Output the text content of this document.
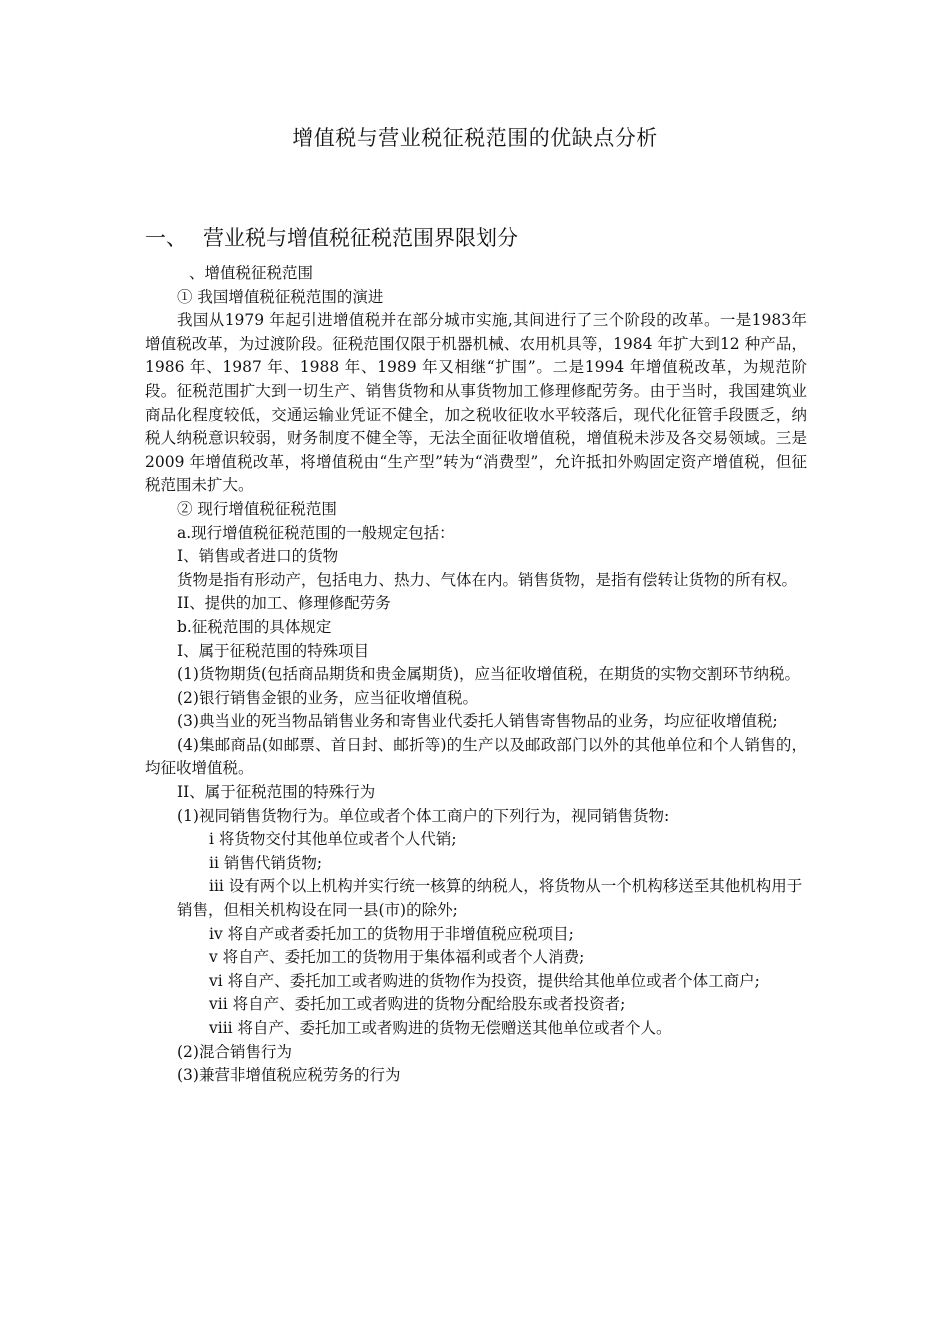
增值税与营业税征税范围的优缺点分析
一、 营业税与增值税征税范围界限划分

、增值税征税范围

① 我国增值税征税范围的演进

我国从1979 年起引进增值税并在部分城市实施,其间进行了三个阶段的改革。一是1983年增值税改革，为过渡阶段。征税范围仅限于机器机械、农用机具等，1984 年扩大到12 种产品，1986 年、1987 年、1988 年、1989 年又相继“扩围”。二是1994 年增值税改革，为规范阶段。征税范围扩大到一切生产、销售货物和从事货物加工修理修配劳务。由于当时，我国建筑业商品化程度较低，交通运输业凭证不健全，加之税收征收水平较落后，现代化征管手段匮乏，纳税人纳税意识较弱，财务制度不健全等，无法全面征收增值税，增值税未涉及各交易领域。三是2009 年增值税改革，将增值税由“生产型”转为“消费型”，允许抵扣外购固定资产增值税，但征税范围未扩大。

② 现行增值税征税范围

a.现行增值税征税范围的一般规定包括：

I、销售或者进口的货物

货物是指有形动产，包括电力、热力、气体在内。销售货物，是指有偿转让货物的所有权。

II、提供的加工、修理修配劳务

b.征税范围的具体规定

I、属于征税范围的特殊项目

(1)货物期货(包括商品期货和贵金属期货)，应当征收增值税，在期货的实物交割环节纳税。

(2)银行销售金银的业务，应当征收增值税。

(3)典当业的死当物品销售业务和寄售业代委托人销售寄售物品的业务，均应征收增值税;

(4)集邮商品(如邮票、首日封、邮折等)的生产以及邮政部门以外的其他单位和个人销售的，均征收增值税。

II、属于征税范围的特殊行为

(1)视同销售货物行为。单位或者个体工商户的下列行为，视同销售货物:

i 将货物交付其他单位或者个人代销;

ii 销售代销货物;

iii 设有两个以上机构并实行统一核算的纳税人，将货物从一个机构移送至其他机构用于销售，但相关机构设在同一县(市)的除外;

iv 将自产或者委托加工的货物用于非增值税应税项目;

v 将自产、委托加工的货物用于集体福利或者个人消费;

vi 将自产、委托加工或者购进的货物作为投资，提供给其他单位或者个体工商户;

vii 将自产、委托加工或者购进的货物分配给股东或者投资者;

viii 将自产、委托加工或者购进的货物无偿赠送其他单位或者个人。

(2)混合销售行为

(3)兼营非增值税应税劳务的行为
